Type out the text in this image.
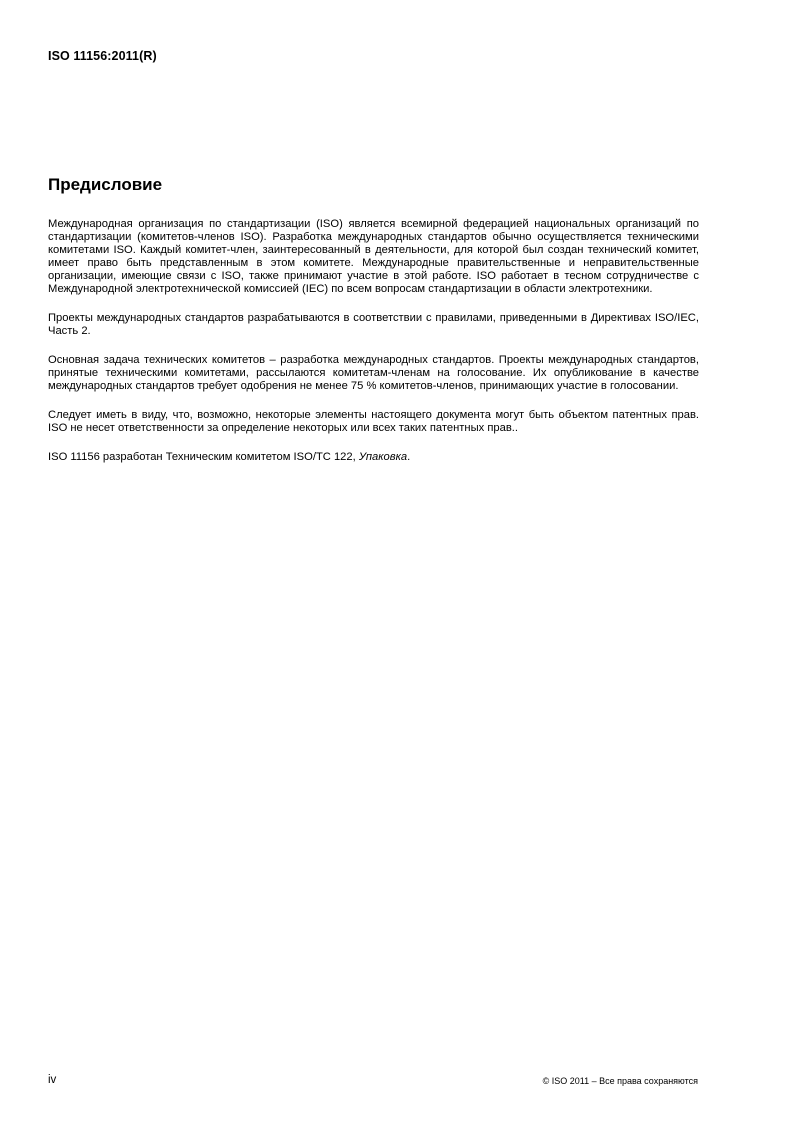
ISO 11156:2011(R)
Предисловие

Международная организация по стандартизации (ISO) является всемирной федерацией национальных организаций по стандартизации (комитетов-членов ISO). Разработка международных стандартов обычно осуществляется техническими комитетами ISO. Каждый комитет-член, заинтересованный в деятельности, для которой был создан технический комитет, имеет право быть представленным в этом комитете. Международные правительственные и неправительственные организации, имеющие связи с ISO, также принимают участие в этой работе. ISO работает в тесном сотрудничестве с Международной электротехнической комиссией (IEC) по всем вопросам стандартизации в области электротехники.

Проекты международных стандартов разрабатываются в соответствии с правилами, приведенными в Директивах ISO/IEC, Часть 2.

Основная задача технических комитетов – разработка международных стандартов. Проекты международных стандартов, принятые техническими комитетами, рассылаются комитетам-членам на голосование. Их опубликование в качестве международных стандартов требует одобрения не менее 75 % комитетов-членов, принимающих участие в голосовании.

Следует иметь в виду, что, возможно, некоторые элементы настоящего документа могут быть объектом патентных прав. ISO не несет ответственности за определение некоторых или всех таких патентных прав..

ISO 11156 разработан Техническим комитетом ISO/TC 122, Упаковка.

iv	© ISO 2011 – Все права сохраняются
